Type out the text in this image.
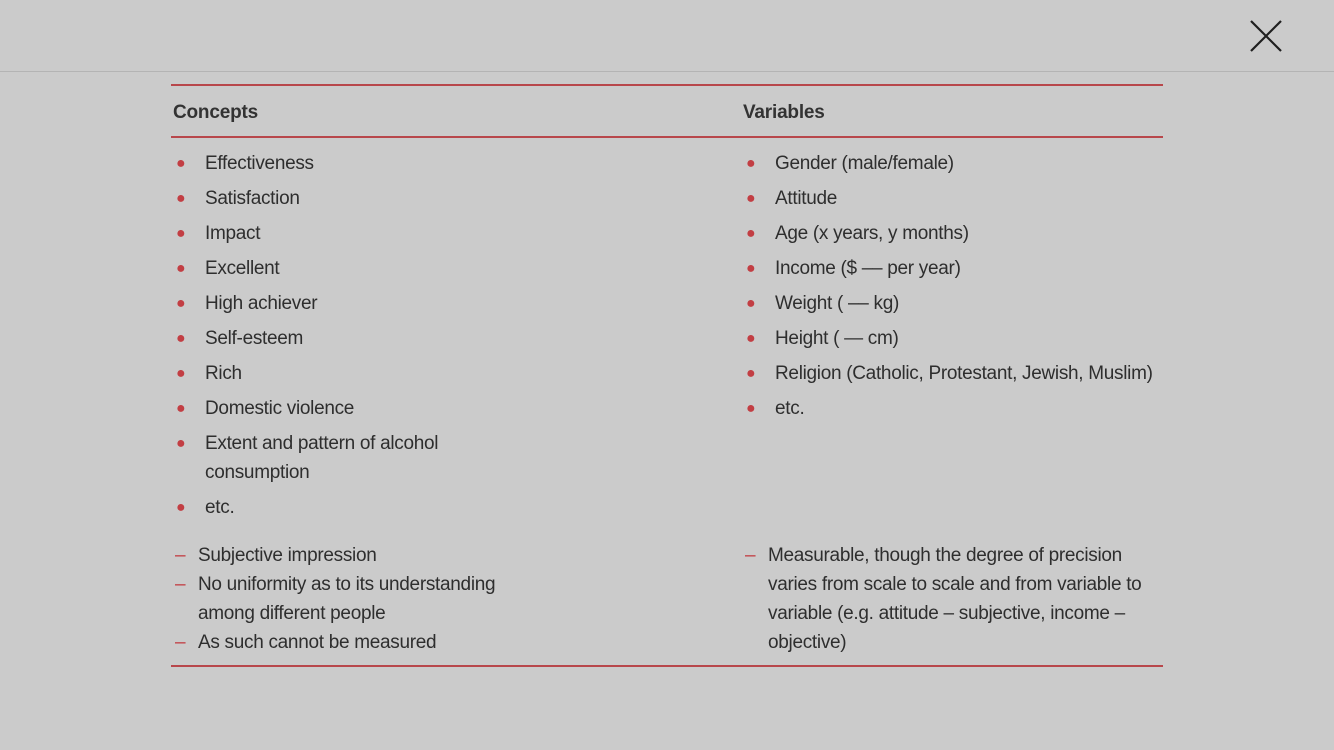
Concepts	Variables
● Effectiveness
● Satisfaction
● Impact
● Excellent
● High achiever
● Self-esteem
● Rich
● Domestic violence
● Extent and pattern of alcohol consumption
● etc.
● Gender (male/female)
● Attitude
● Age (x years, y months)
● Income ($ –– per year)
● Weight ( –– kg)
● Height ( — cm)
● Religion (Catholic, Protestant, Jewish, Muslim)
● etc.
– Subjective impression
– No uniformity as to its understanding among different people
– As such cannot be measured
– Measurable, though the degree of precision varies from scale to scale and from variable to variable (e.g. attitude – subjective, income – objective)
